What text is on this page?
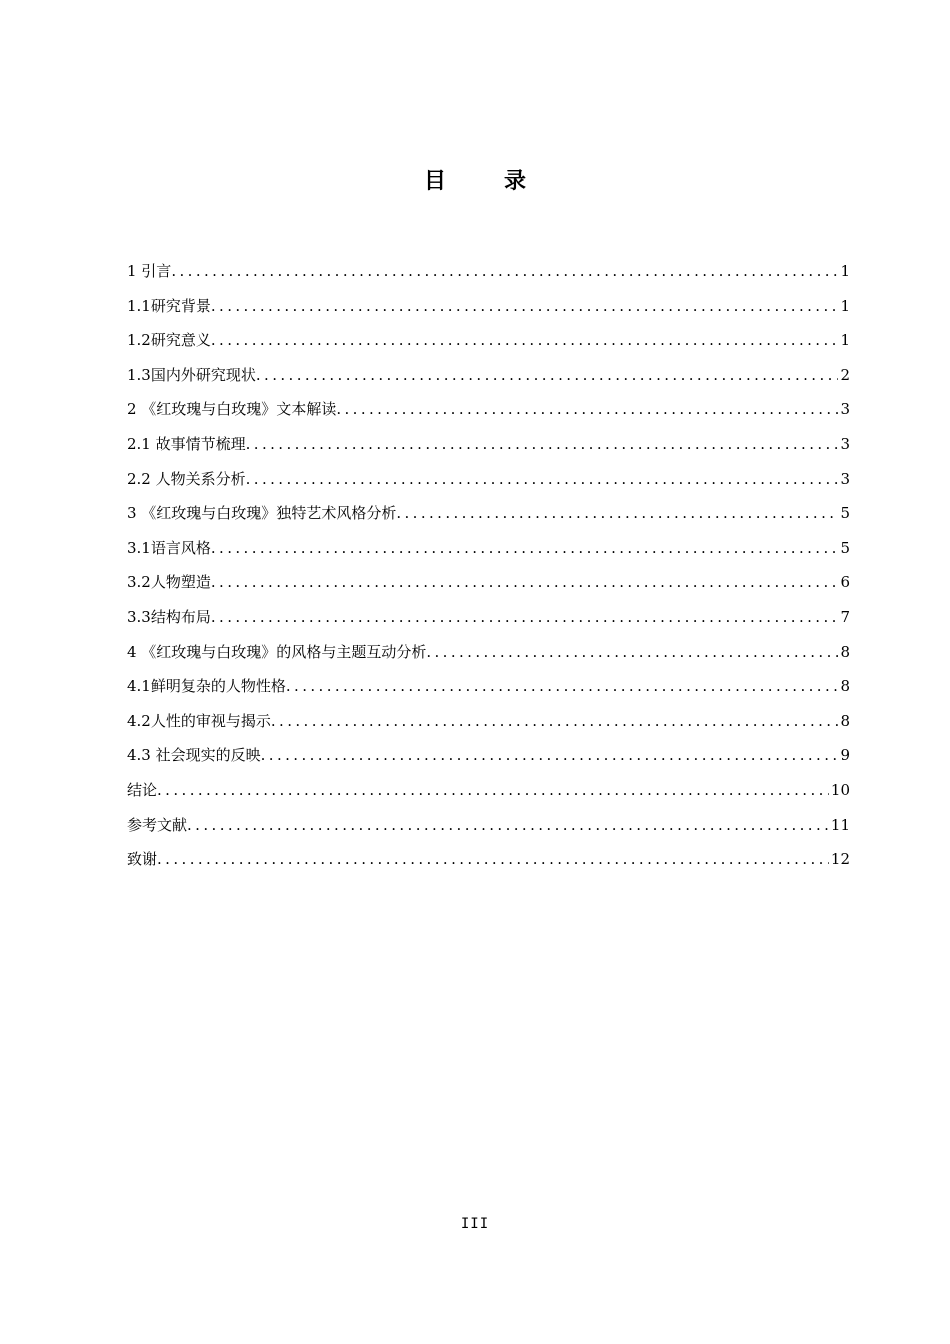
目	录
1 引言 .....	1
1.1研究背景 .....	1
1.2研究意义 .....	1
1.3国内外研究现状 .....	2
2 《红玫瑰与白玫瑰》文本解读 .....	3
2.1 故事情节梳理 .....	3
2.2 人物关系分析 .....	3
3 《红玫瑰与白玫瑰》独特艺术风格分析 .....	5
3.1语言风格 .....	5
3.2人物塑造 .....	6
3.3结构布局 .....	7
4 《红玫瑰与白玫瑰》的风格与主题互动分析 .....	8
4.1鲜明复杂的人物性格 .....	8
4.2人性的审视与揭示 .....	8
4.3 社会现实的反映 .....	9
结论 .....	10
参考文献 .....	11
致谢 .....	12
III
